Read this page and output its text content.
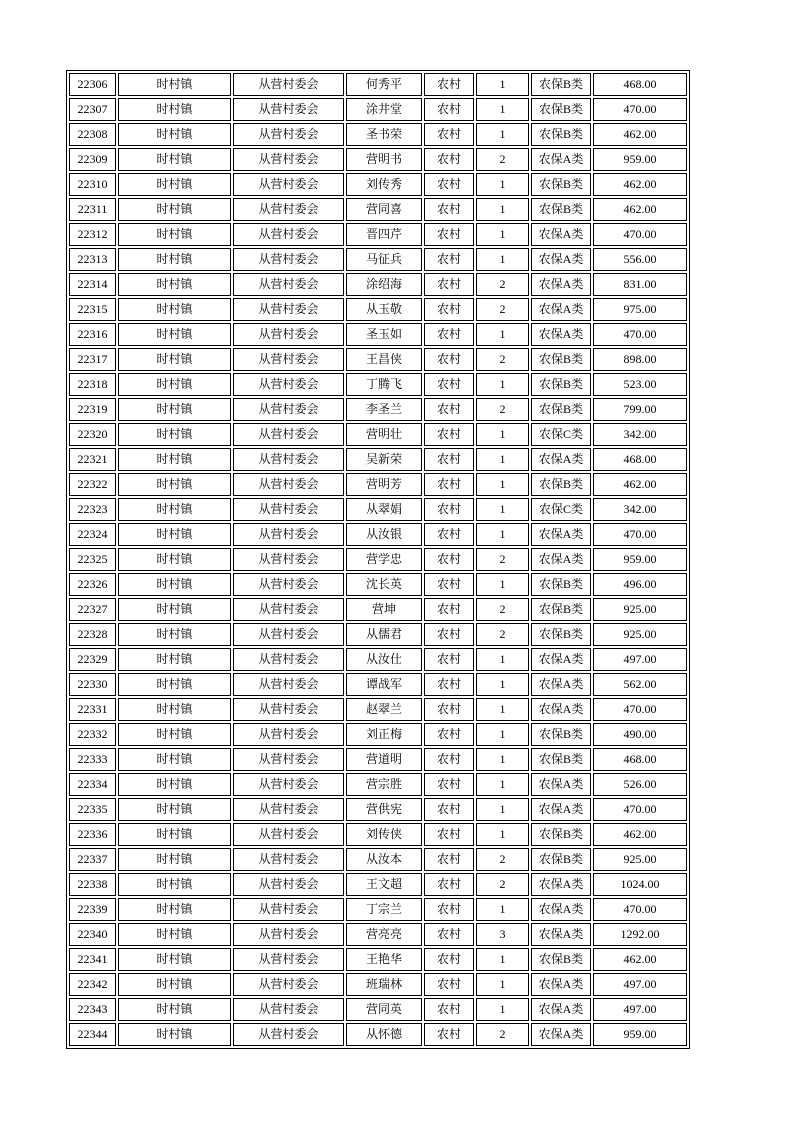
22306	时村镇	从营村委会	何秀平	农村	1	农保B类	468.00
22307	时村镇	从营村委会	涂井堂	农村	1	农保B类	470.00
22308	时村镇	从营村委会	圣书荣	农村	1	农保B类	462.00
22309	时村镇	从营村委会	营明书	农村	2	农保A类	959.00
22310	时村镇	从营村委会	刘传秀	农村	1	农保B类	462.00
22311	时村镇	从营村委会	营同喜	农村	1	农保B类	462.00
22312	时村镇	从营村委会	晋四芹	农村	1	农保A类	470.00
22313	时村镇	从营村委会	马征兵	农村	1	农保A类	556.00
22314	时村镇	从营村委会	涂绍海	农村	2	农保A类	831.00
22315	时村镇	从营村委会	从玉敬	农村	2	农保A类	975.00
22316	时村镇	从营村委会	圣玉如	农村	1	农保A类	470.00
22317	时村镇	从营村委会	王昌侠	农村	2	农保B类	898.00
22318	时村镇	从营村委会	丁腾飞	农村	1	农保B类	523.00
22319	时村镇	从营村委会	李圣兰	农村	2	农保B类	799.00
22320	时村镇	从营村委会	营明壮	农村	1	农保C类	342.00
22321	时村镇	从营村委会	吴新荣	农村	1	农保A类	468.00
22322	时村镇	从营村委会	营明芳	农村	1	农保B类	462.00
22323	时村镇	从营村委会	从翠娟	农村	1	农保C类	342.00
22324	时村镇	从营村委会	从汝银	农村	1	农保A类	470.00
22325	时村镇	从营村委会	营学忠	农村	2	农保A类	959.00
22326	时村镇	从营村委会	沈长英	农村	1	农保B类	496.00
22327	时村镇	从营村委会	营坤	农村	2	农保B类	925.00
22328	时村镇	从营村委会	从儒君	农村	2	农保B类	925.00
22329	时村镇	从营村委会	从汝仕	农村	1	农保A类	497.00
22330	时村镇	从营村委会	谭战军	农村	1	农保A类	562.00
22331	时村镇	从营村委会	赵翠兰	农村	1	农保A类	470.00
22332	时村镇	从营村委会	刘正梅	农村	1	农保B类	490.00
22333	时村镇	从营村委会	营道明	农村	1	农保B类	468.00
22334	时村镇	从营村委会	营宗胜	农村	1	农保A类	526.00
22335	时村镇	从营村委会	营供宪	农村	1	农保A类	470.00
22336	时村镇	从营村委会	刘传侠	农村	1	农保B类	462.00
22337	时村镇	从营村委会	从汝本	农村	2	农保B类	925.00
22338	时村镇	从营村委会	王文超	农村	2	农保A类	1024.00
22339	时村镇	从营村委会	丁宗兰	农村	1	农保A类	470.00
22340	时村镇	从营村委会	营亮亮	农村	3	农保A类	1292.00
22341	时村镇	从营村委会	王艳华	农村	1	农保B类	462.00
22342	时村镇	从营村委会	班瑞林	农村	1	农保A类	497.00
22343	时村镇	从营村委会	营同英	农村	1	农保A类	497.00
22344	时村镇	从营村委会	从怀德	农村	2	农保A类	959.00
